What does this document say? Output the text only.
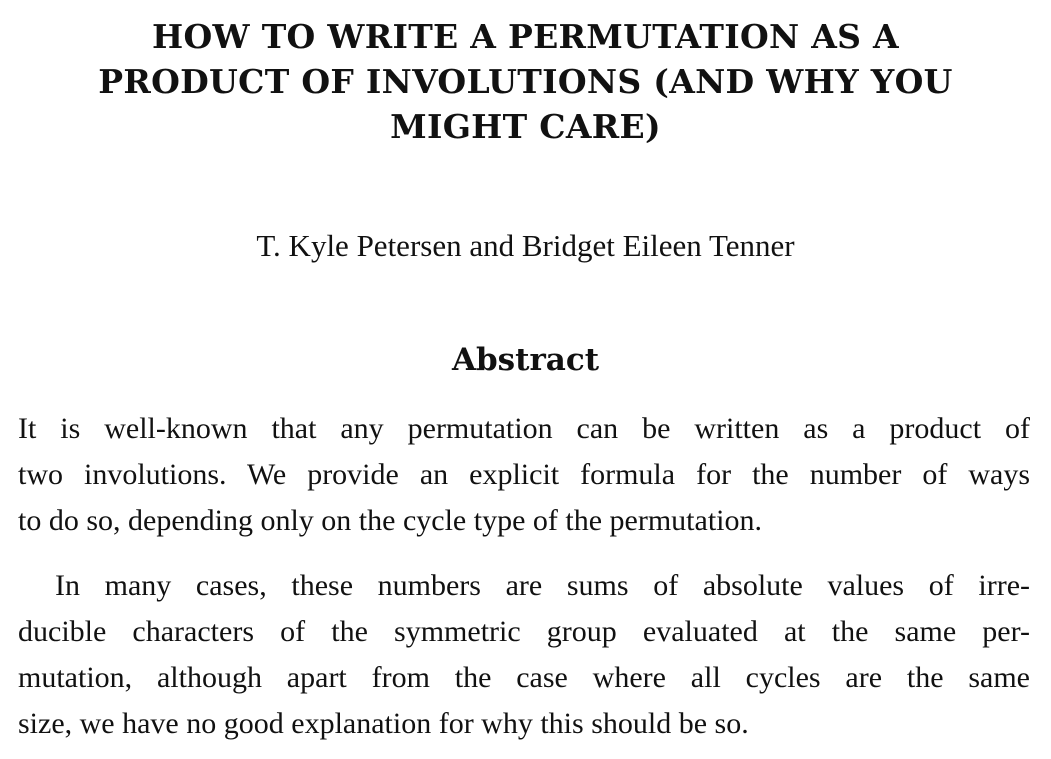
HOW TO WRITE A PERMUTATION AS A
PRODUCT OF INVOLUTIONS (AND WHY YOU
MIGHT CARE)

T. Kyle Petersen and Bridget Eileen Tenner

Abstract

It is well-known that any permutation can be written as a product of
two involutions. We provide an explicit formula for the number of ways
to do so, depending only on the cycle type of the permutation.

In many cases, these numbers are sums of absolute values of irre-
ducible characters of the symmetric group evaluated at the same per-
mutation, although apart from the case where all cycles are the same
size, we have no good explanation for why this should be so.
